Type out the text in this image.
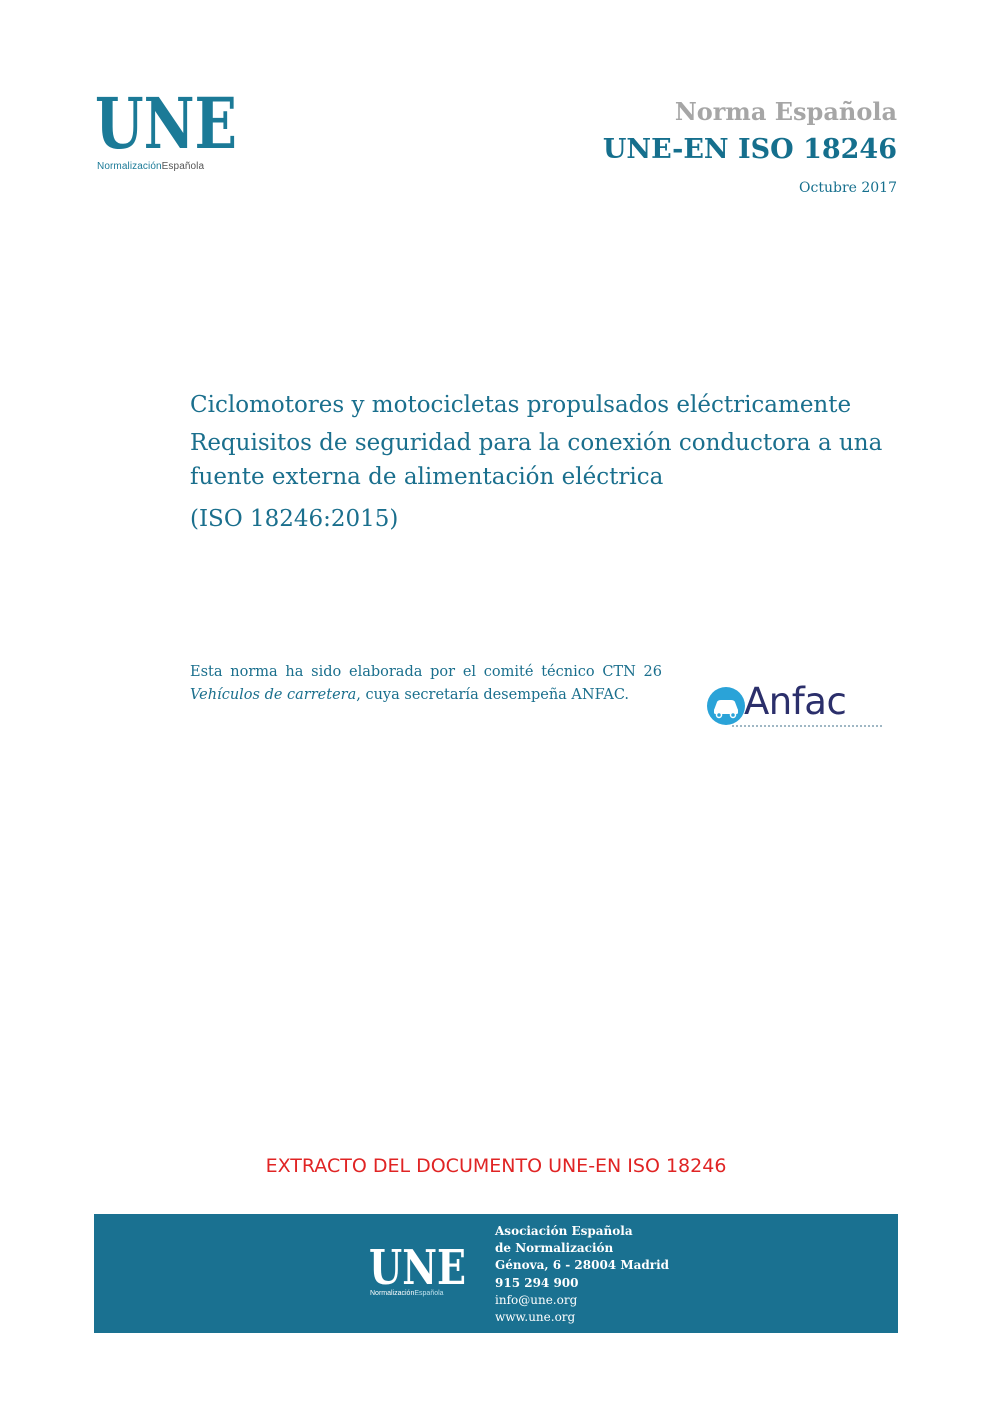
UNE
NormalizaciónEspañola
Norma Española
UNE-EN ISO 18246
Octubre 2017

Ciclomotores y motocicletas propulsados eléctricamente

Requisitos de seguridad para la conexión conductora a una fuente externa de alimentación eléctrica

(ISO 18246:2015)

Esta norma ha sido elaborada por el comité técnico CTN 26 Vehículos de carretera, cuya secretaría desempeña ANFAC.	Anfac
EXTRACTO DEL DOCUMENTO UNE-EN ISO 18246
UNE
NormalizaciónEspañola
Asociación Española
de Normalización
Génova, 6 - 28004 Madrid
915 294 900
info@une.org
www.une.org
